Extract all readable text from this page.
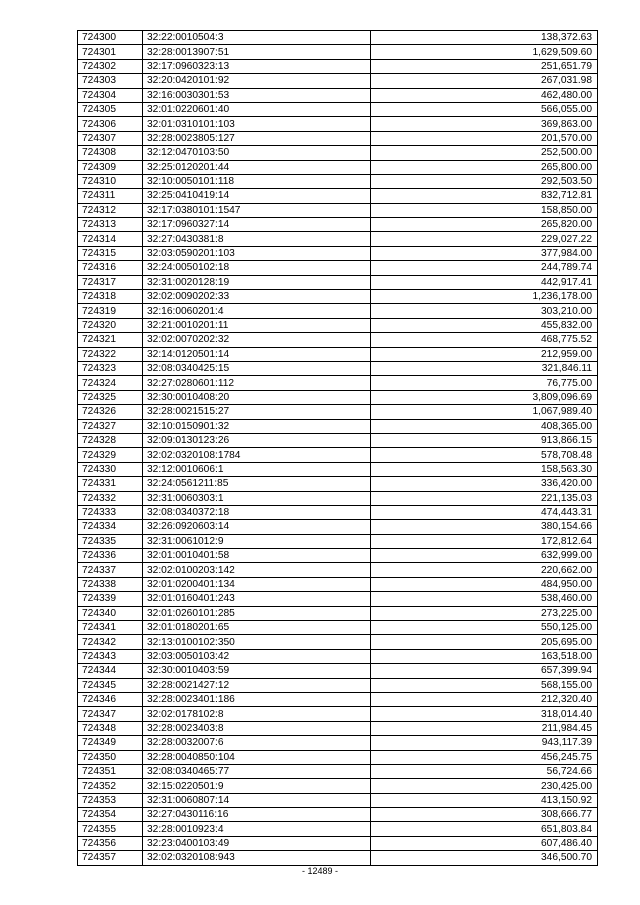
724300	32:22:0010504:3	138,372.63
724301	32:28:0013907:51	1,629,509.60
724302	32:17:0960323:13	251,651.79
724303	32:20:0420101:92	267,031.98
724304	32:16:0030301:53	462,480.00
724305	32:01:0220601:40	566,055.00
724306	32:01:0310101:103	369,863.00
724307	32:28:0023805:127	201,570.00
724308	32:12:0470103:50	252,500.00
724309	32:25:0120201:44	265,800.00
724310	32:10:0050101:118	292,503.50
724311	32:25:0410419:14	832,712.81
724312	32:17:0380101:1547	158,850.00
724313	32:17:0960327:14	265,820.00
724314	32:27:0430381:8	229,027.22
724315	32:03:0590201:103	377,984.00
724316	32:24:0050102:18	244,789.74
724317	32:31:0020128:19	442,917.41
724318	32:02:0090202:33	1,236,178.00
724319	32:16:0060201:4	303,210.00
724320	32:21:0010201:11	455,832.00
724321	32:02:0070202:32	468,775.52
724322	32:14:0120501:14	212,959.00
724323	32:08:0340425:15	321,846.11
724324	32:27:0280601:112	76,775.00
724325	32:30:0010408:20	3,809,096.69
724326	32:28:0021515:27	1,067,989.40
724327	32:10:0150901:32	408,365.00
724328	32:09:0130123:26	913,866.15
724329	32:02:0320108:1784	578,708.48
724330	32:12:0010606:1	158,563.30
724331	32:24:0561211:85	336,420.00
724332	32:31:0060303:1	221,135.03
724333	32:08:0340372:18	474,443.31
724334	32:26:0920603:14	380,154.66
724335	32:31:0061012:9	172,812.64
724336	32:01:0010401:58	632,999.00
724337	32:02:0100203:142	220,662.00
724338	32:01:0200401:134	484,950.00
724339	32:01:0160401:243	538,460.00
724340	32:01:0260101:285	273,225.00
724341	32:01:0180201:65	550,125.00
724342	32:13:0100102:350	205,695.00
724343	32:03:0050103:42	163,518.00
724344	32:30:0010403:59	657,399.94
724345	32:28:0021427:12	568,155.00
724346	32:28:0023401:186	212,320.40
724347	32:02:0178102:8	318,014.40
724348	32:28:0023403:8	211,984.45
724349	32:28:0032007:6	943,117.39
724350	32:28:0040850:104	456,245.75
724351	32:08:0340465:77	56,724.66
724352	32:15:0220501:9	230,425.00
724353	32:31:0060807:14	413,150.92
724354	32:27:0430116:16	308,666.77
724355	32:28:0010923:4	651,803.84
724356	32:23:0400103:49	607,486.40
724357	32:02:0320108:943	346,500.70
- 12489 -
